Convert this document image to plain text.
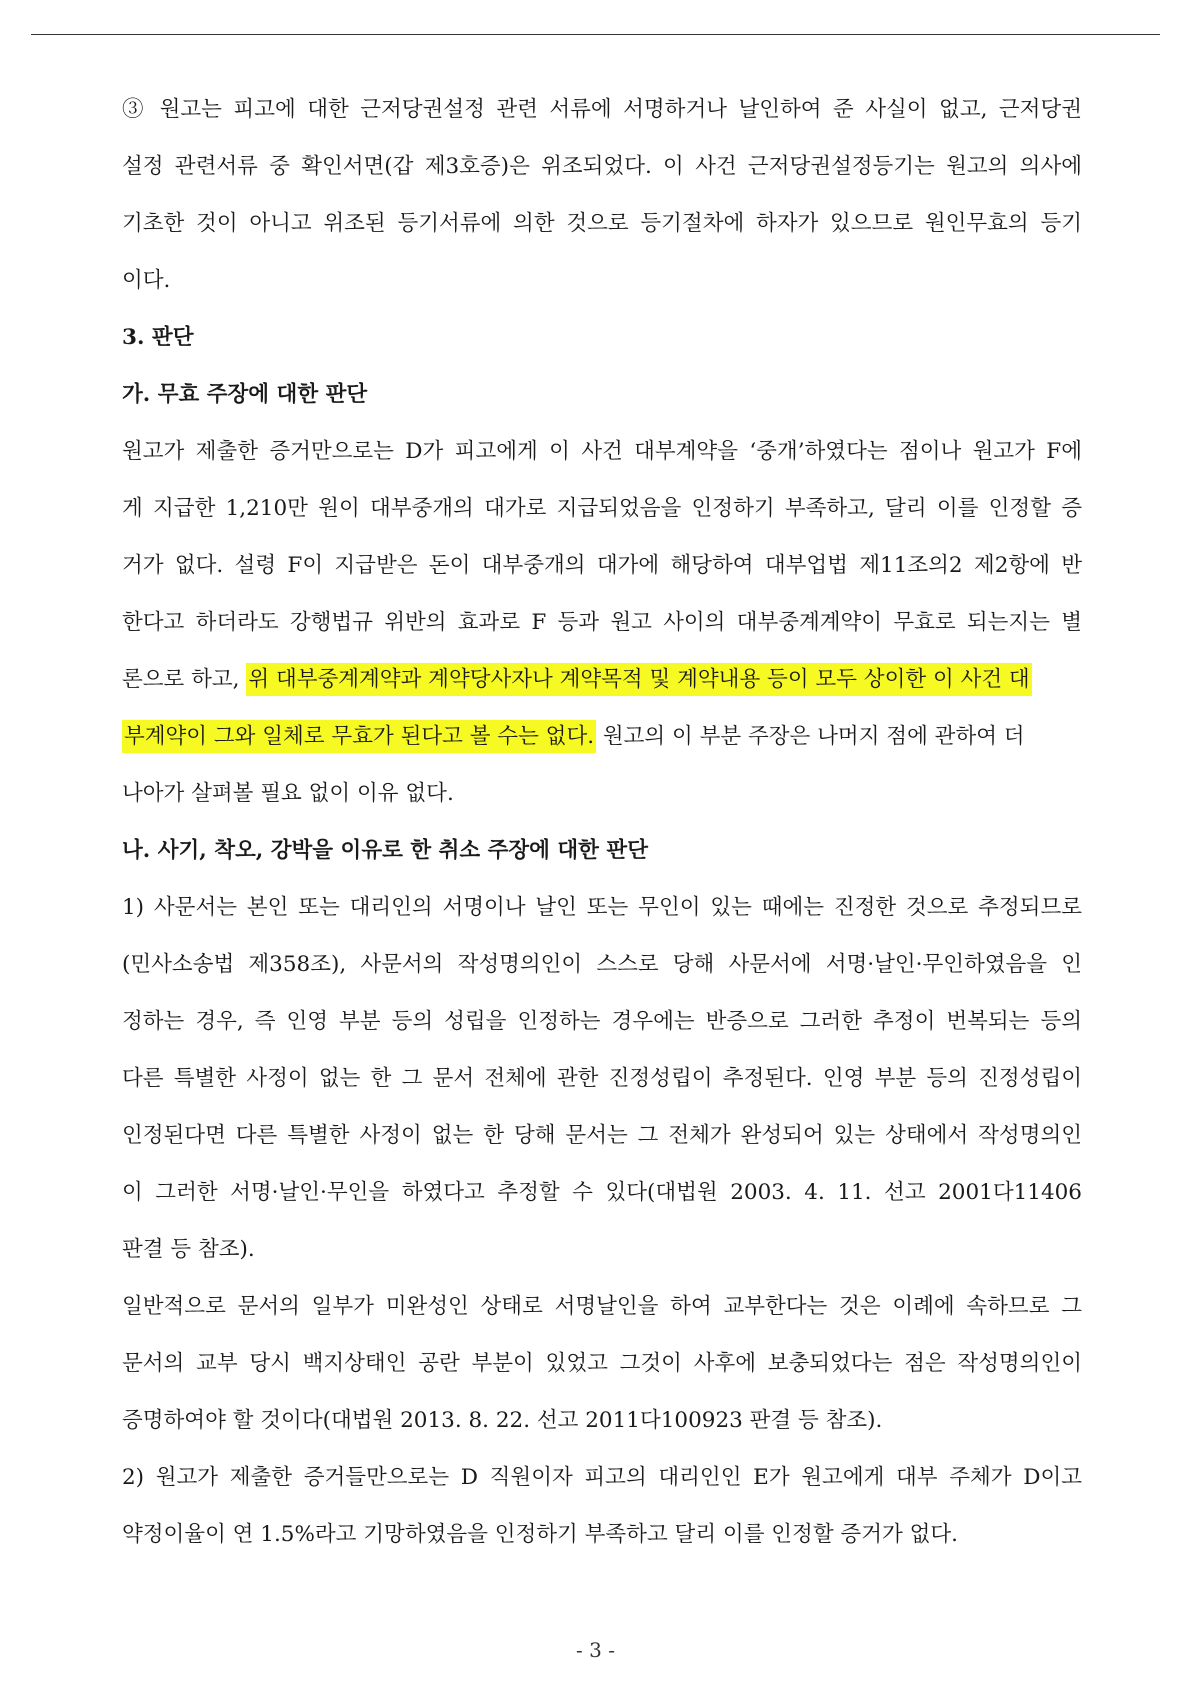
③ 원고는 피고에 대한 근저당권설정 관련 서류에 서명하거나 날인하여 준 사실이 없고, 근저당권
설정 관련서류 중 확인서면(갑 제3호증)은 위조되었다. 이 사건 근저당권설정등기는 원고의 의사에
기초한 것이 아니고 위조된 등기서류에 의한 것으로 등기절차에 하자가 있으므로 원인무효의 등기
이다.
3. 판단
가. 무효 주장에 대한 판단
원고가 제출한 증거만으로는 D가 피고에게 이 사건 대부계약을 ‘중개’하였다는 점이나 원고가 F에
게 지급한 1,210만 원이 대부중개의 대가로 지급되었음을 인정하기 부족하고, 달리 이를 인정할 증
거가 없다. 설령 F이 지급받은 돈이 대부중개의 대가에 해당하여 대부업법 제11조의2 제2항에 반
한다고 하더라도 강행법규 위반의 효과로 F 등과 원고 사이의 대부중계계약이 무효로 되는지는 별
론으로 하고, 위 대부중계계약과 계약당사자나 계약목적 및 계약내용 등이 모두 상이한 이 사건 대
부계약이 그와 일체로 무효가 된다고 볼 수는 없다. 원고의 이 부분 주장은 나머지 점에 관하여 더
나아가 살펴볼 필요 없이 이유 없다.
나. 사기, 착오, 강박을 이유로 한 취소 주장에 대한 판단
1) 사문서는 본인 또는 대리인의 서명이나 날인 또는 무인이 있는 때에는 진정한 것으로 추정되므로
(민사소송법 제358조), 사문서의 작성명의인이 스스로 당해 사문서에 서명·날인·무인하였음을 인
정하는 경우, 즉 인영 부분 등의 성립을 인정하는 경우에는 반증으로 그러한 추정이 번복되는 등의
다른 특별한 사정이 없는 한 그 문서 전체에 관한 진정성립이 추정된다. 인영 부분 등의 진정성립이
인정된다면 다른 특별한 사정이 없는 한 당해 문서는 그 전체가 완성되어 있는 상태에서 작성명의인
이 그러한 서명·날인·무인을 하였다고 추정할 수 있다(대법원 2003. 4. 11. 선고 2001다11406
판결 등 참조).
일반적으로 문서의 일부가 미완성인 상태로 서명날인을 하여 교부한다는 것은 이례에 속하므로 그
문서의 교부 당시 백지상태인 공란 부분이 있었고 그것이 사후에 보충되었다는 점은 작성명의인이
증명하여야 할 것이다(대법원 2013. 8. 22. 선고 2011다100923 판결 등 참조).
2) 원고가 제출한 증거들만으로는 D 직원이자 피고의 대리인인 E가 원고에게 대부 주체가 D이고
약정이율이 연 1.5%라고 기망하였음을 인정하기 부족하고 달리 이를 인정할 증거가 없다.
- 3 -
